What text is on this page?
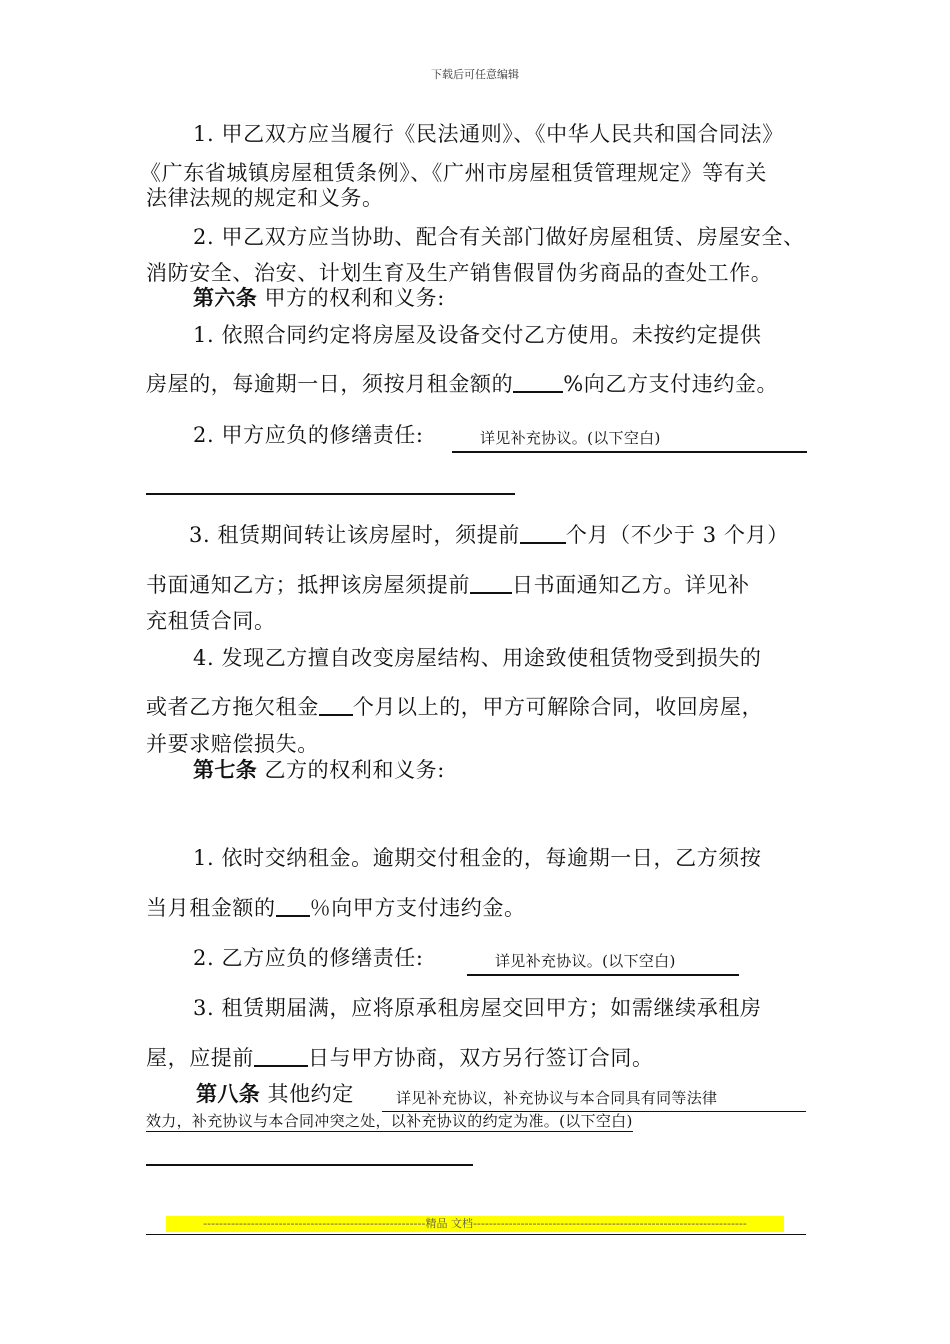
下载后可任意编辑
1. 甲乙双方应当履行《民法通则》、《中华人民共和国合同法》
《广东省城镇房屋租赁条例》、《广州市房屋租赁管理规定》等有关
法律法规的规定和义务。
2. 甲乙双方应当协助、配合有关部门做好房屋租赁、房屋安全、
消防安全、治安、计划生育及生产销售假冒伪劣商品的查处工作。
第六条 甲方的权利和义务:
1. 依照合同约定将房屋及设备交付乙方使用。未按约定提供
房屋的，每逾期一日，须按月租金额的 %向乙方支付违约金。
2. 甲方应负的修缮责任:	详见补充协议。(以下空白)
3. 租赁期间转让该房屋时，须提前 个月（不少于 3 个月）
书面通知乙方；抵押该房屋须提前 日书面通知乙方。详见补
充租赁合同。
4. 发现乙方擅自改变房屋结构、用途致使租赁物受到损失的
或者乙方拖欠租金 个月以上的，甲方可解除合同，收回房屋，
并要求赔偿损失。
第七条 乙方的权利和义务:
1. 依时交纳租金。逾期交付租金的，每逾期一日，乙方须按
当月租金额的 ％向甲方支付违约金。
2. 乙方应负的修缮责任:	详见补充协议。(以下空白)
3. 租赁期届满，应将原承租房屋交回甲方；如需继续承租房
屋，应提前	日与甲方协商，双方另行签订合同。
第八条 其他约定	详见补充协议，补充协议与本合同具有同等法律
效力，补充协议与本合同冲突之处，以补充协议的约定为准。(以下空白)
--------------------------------------------------------精品 文档---------------------------------------------------------------------
